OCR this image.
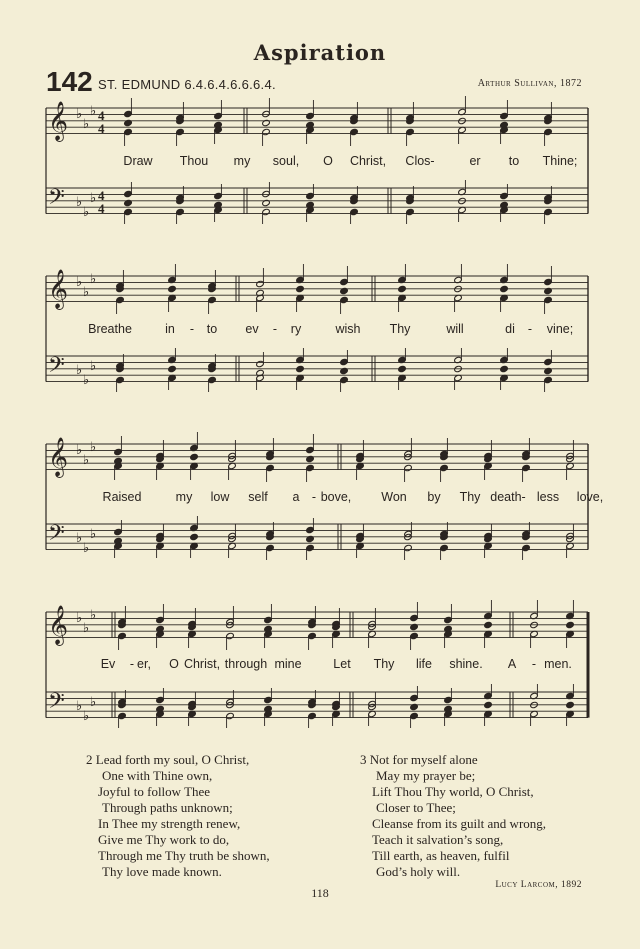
Aspiration
142 ST. EDMUND 6.4.6.4.6.6.6.4.	Arthur Sullivan, 1872
𝄞 ♭
♭
♭ 4
4
𝄢 ♭
♭
♭ 4
4
𝄞 ♭
♭
♭
𝄢 ♭
♭
♭
𝄞 ♭
♭
♭
𝄢 ♭
♭
♭
𝄞 ♭
♭
♭
𝄢 ♭
♭
♭
Draw Thou my soul, O Christ, Clos-	er to Thine;
Breathe	in - to ev - ry	wish Thy	will	di - vine;
Raised	my low self a - bove, Won by Thy death- less love,
Ev - er, O Christ, through mine	Let Thy life shine. A - men.
2 Lead forth my soul, O Christ,
One with Thine own,
Joyful to follow Thee
Through paths unknown;
In Thee my strength renew,
Give me Thy work to do,
Through me Thy truth be shown,
Thy love made known.
3 Not for myself alone
May my prayer be;
Lift Thou Thy world, O Christ,
Closer to Thee;
Cleanse from its guilt and wrong,
Teach it salvation’s song,
Till earth, as heaven, fulfil
God’s holy will.
Lucy Larcom, 1892
118
